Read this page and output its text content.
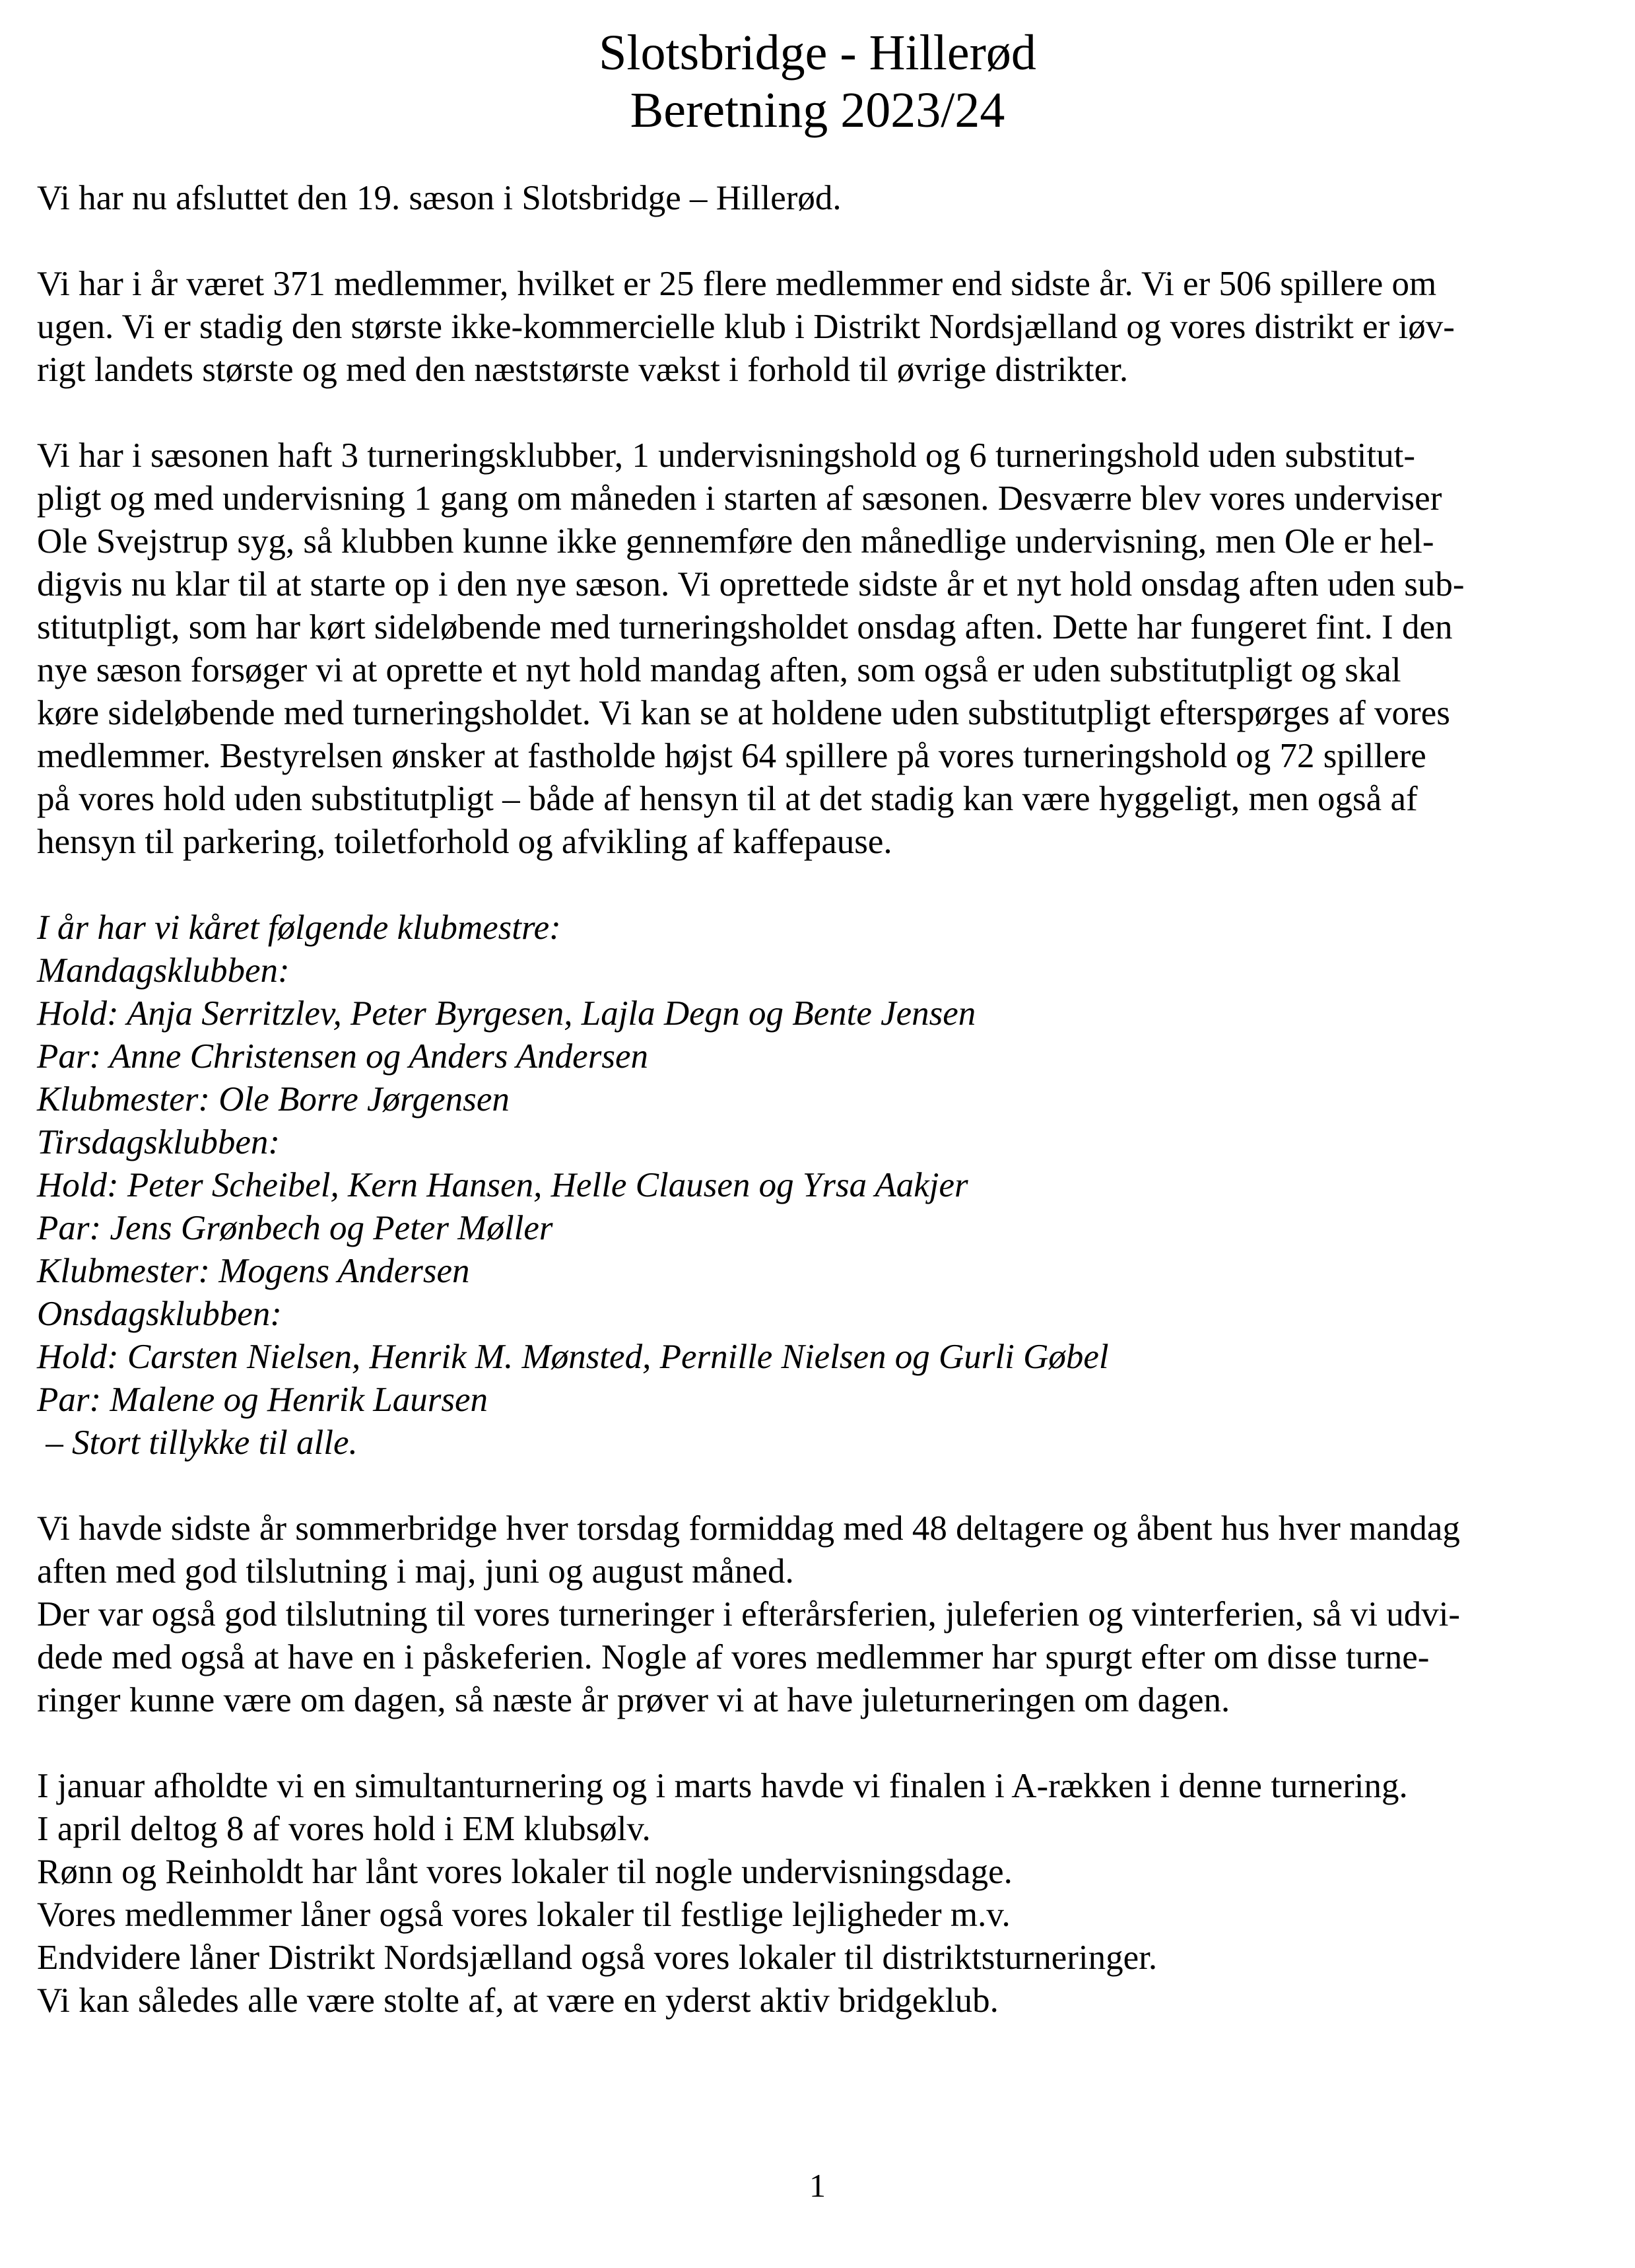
Slotsbridge - Hillerød
Beretning 2023/24

Vi har nu afsluttet den 19. sæson i Slotsbridge – Hillerød.

Vi har i år været 371 medlemmer, hvilket er 25 flere medlemmer end sidste år. Vi er 506 spillere om

ugen. Vi er stadig den største ikke-kommercielle klub i Distrikt Nordsjælland og vores distrikt er iøv-

rigt landets største og med den næststørste vækst i forhold til øvrige distrikter.

Vi har i sæsonen haft 3 turneringsklubber, 1 undervisningshold og 6 turneringshold uden substitut-

pligt og med undervisning 1 gang om måneden i starten af sæsonen. Desværre blev vores underviser

Ole Svejstrup syg, så klubben kunne ikke gennemføre den månedlige undervisning, men Ole er hel-

digvis nu klar til at starte op i den nye sæson. Vi oprettede sidste år et nyt hold onsdag aften uden sub-

stitutpligt, som har kørt sideløbende med turneringsholdet onsdag aften. Dette har fungeret fint. I den

nye sæson forsøger vi at oprette et nyt hold mandag aften, som også er uden substitutpligt og skal

køre sideløbende med turneringsholdet. Vi kan se at holdene uden substitutpligt efterspørges af vores

medlemmer. Bestyrelsen ønsker at fastholde højst 64 spillere på vores turneringshold og 72 spillere

på vores hold uden substitutpligt – både af hensyn til at det stadig kan være hyggeligt, men også af

hensyn til parkering, toiletforhold og afvikling af kaffepause.

I år har vi kåret følgende klubmestre:

Mandagsklubben:

Hold: Anja Serritzlev, Peter Byrgesen, Lajla Degn og Bente Jensen

Par: Anne Christensen og Anders Andersen

Klubmester: Ole Borre Jørgensen

Tirsdagsklubben:

Hold: Peter Scheibel, Kern Hansen, Helle Clausen og Yrsa Aakjer

Par: Jens Grønbech og Peter Møller

Klubmester: Mogens Andersen

Onsdagsklubben:

Hold: Carsten Nielsen, Henrik M. Mønsted, Pernille Nielsen og Gurli Gøbel

Par: Malene og Henrik Laursen

– Stort tillykke til alle.

Vi havde sidste år sommerbridge hver torsdag formiddag med 48 deltagere og åbent hus hver mandag

aften med god tilslutning i maj, juni og august måned.

Der var også god tilslutning til vores turneringer i efterårsferien, juleferien og vinterferien, så vi udvi-

dede med også at have en i påskeferien. Nogle af vores medlemmer har spurgt efter om disse turne-

ringer kunne være om dagen, så næste år prøver vi at have juleturneringen om dagen.

I januar afholdte vi en simultanturnering og i marts havde vi finalen i A-rækken i denne turnering.

I april deltog 8 af vores hold i EM klubsølv.

Rønn og Reinholdt har lånt vores lokaler til nogle undervisningsdage.

Vores medlemmer låner også vores lokaler til festlige lejligheder m.v.

Endvidere låner Distrikt Nordsjælland også vores lokaler til distriktsturneringer.

Vi kan således alle være stolte af, at være en yderst aktiv bridgeklub.

1
